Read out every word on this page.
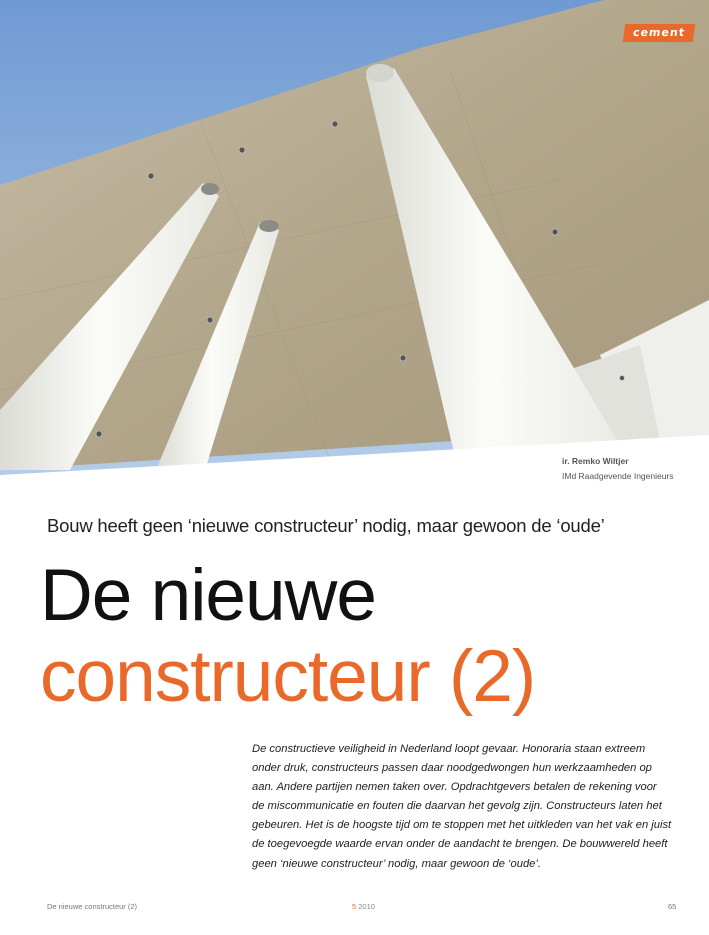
cement
ir. Remko Wiltjer
IMd Raadgevende Ingenieurs
Bouw heeft geen ‘nieuwe constructeur’ nodig, maar gewoon de ‘oude’
De nieuwe
constructeur (2)
De constructieve veiligheid in Nederland loopt gevaar. Honoraria staan extreem onder druk, constructeurs passen daar noodgedwongen hun werkzaamheden op aan. Andere partijen nemen taken over. Opdrachtgevers betalen de rekening voor de miscommunicatie en fouten die daarvan het gevolg zijn. Constructeurs laten het gebeuren. Het is de hoogste tijd om te stoppen met het uitkleden van het vak en juist de toegevoegde waarde ervan onder de aandacht te brengen. De bouwwereld heeft geen ‘nieuwe constructeur’ nodig, maar gewoon de ‘oude’.
De nieuwe constructeur (2)	5 2010	65
